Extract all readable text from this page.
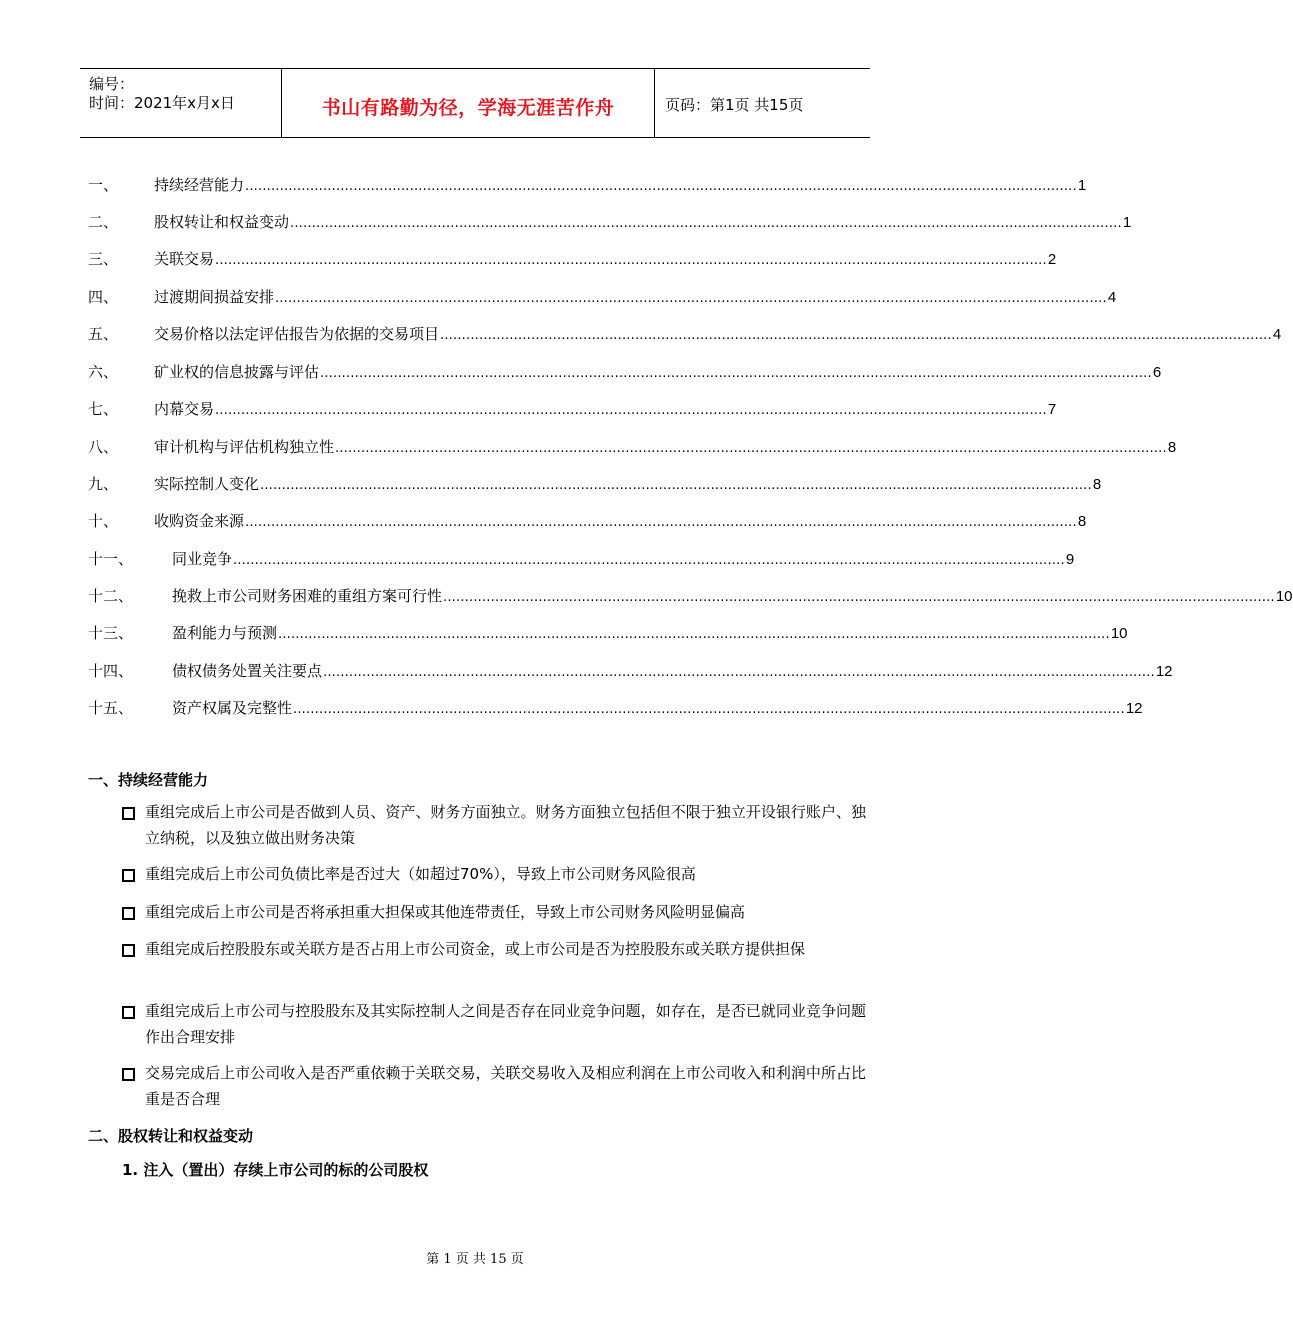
编号：
时间：2021年x月x日	书山有路勤为径，学海无涯苦作舟	页码：第1页 共15页
一、 持续经营能力 ................................................................................................................................................................................................ 1
二、 股权转让和权益变动 ................................................................................................................................................................................................ 1
三、 关联交易 ................................................................................................................................................................................................ 2
四、 过渡期间损益安排 ................................................................................................................................................................................................ 4
五、 交易价格以法定评估报告为依据的交易项目 ................................................................................................................................................................................................ 4
六、 矿业权的信息披露与评估 ................................................................................................................................................................................................ 6
七、 内幕交易 ................................................................................................................................................................................................ 7
八、 审计机构与评估机构独立性 ................................................................................................................................................................................................ 8
九、 实际控制人变化 ................................................................................................................................................................................................ 8
十、 收购资金来源 ................................................................................................................................................................................................ 8
十一、	同业竞争 ................................................................................................................................................................................................ 9
十二、	挽救上市公司财务困难的重组方案可行性 ................................................................................................................................................................................................ 10
十三、	盈利能力与预测 ................................................................................................................................................................................................ 10
十四、	债权债务处置关注要点 ................................................................................................................................................................................................ 12
十五、	资产权属及完整性 ................................................................................................................................................................................................ 12
一、持续经营能力
重组完成后上市公司是否做到人员、资产、财务方面独立。财务方面独立包括但不限于独立开设银行账户、独立纳税，以及独立做出财务决策
重组完成后上市公司负债比率是否过大（如超过70%），导致上市公司财务风险很高
重组完成后上市公司是否将承担重大担保或其他连带责任，导致上市公司财务风险明显偏高
重组完成后控股股东或关联方是否占用上市公司资金，或上市公司是否为控股股东或关联方提供担保
重组完成后上市公司与控股股东及其实际控制人之间是否存在同业竞争问题，如存在，是否已就同业竞争问题作出合理安排
交易完成后上市公司收入是否严重依赖于关联交易，关联交易收入及相应利润在上市公司收入和利润中所占比重是否合理
二、股权转让和权益变动
1. 注入（置出）存续上市公司的标的公司股权
第 1 页 共 15 页
